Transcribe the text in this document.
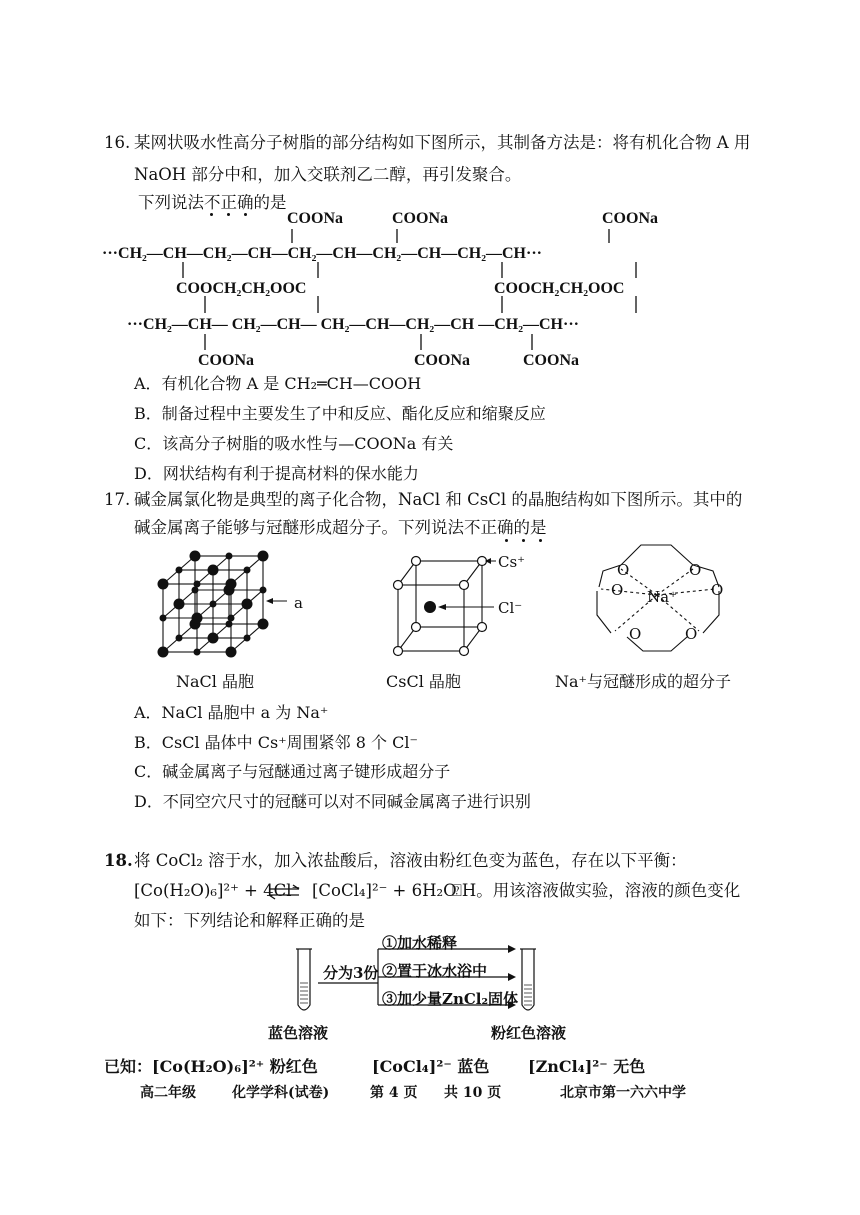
16. 某网状吸水性高分子树脂的部分结构如下图所示，其制备方法是：将有机化合物 A 用
NaOH 部分中和，加入交联剂乙二醇，再引发聚合。
下列说法不正确的是
COONa	COONa	COONa
···CH₂—CH—CH₂—CH—CH₂—CH—CH₂—CH—CH₂—CH···
COOCH₂CH₂OOC	COOCH₂CH₂OOC
···CH₂—CH— CH₂—CH— CH₂—CH—CH₂—CH —CH₂—CH···
COONa	COONa	COONa
A．有机化合物 A 是 CH₂═CH—COOH
B．制备过程中主要发生了中和反应、酯化反应和缩聚反应
C．该高分子树脂的吸水性与—COONa 有关
D．网状结构有利于提高材料的保水能力
17. 碱金属氯化物是典型的离子化合物，NaCl 和 CsCl 的晶胞结构如下图所示。其中的
碱金属离子能够与冠醚形成超分子。下列说法不正确的是
a
Cs⁺
Cl⁻
O	O
O	O
O	O
Na⁺
NaCl 晶胞	CsCl 晶胞	Na⁺与冠醚形成的超分子
A．NaCl 晶胞中 a 为 Na⁺
B．CsCl 晶体中 Cs⁺周围紧邻 8 个 Cl⁻
C．碱金属离子与冠醚通过离子键形成超分子
D．不同空穴尺寸的冠醚可以对不同碱金属离子进行识别
18. 将 CoCl₂ 溶于水，加入浓盐酸后，溶液由粉红色变为蓝色，存在以下平衡：
[Co(H₂O)₆]²⁺ + 4Cl⁻ ⇌ [CoCl₄]²⁻ + 6H₂O
⍰H。用该溶液做实验，溶液的颜色变化
如下：下列结论和解释正确的是
分为3份
①加水稀释
②置于冰水浴中
③加少量ZnCl₂固体
蓝色溶液	粉红色溶液
已知： [Co(H₂O)₆]²⁺ 粉红色	[CoCl₄]²⁻ 蓝色 [ZnCl₄]²⁻ 无色
高二年级	化学学科(试卷)	第 4 页 共 10 页	北京市第一六六中学
